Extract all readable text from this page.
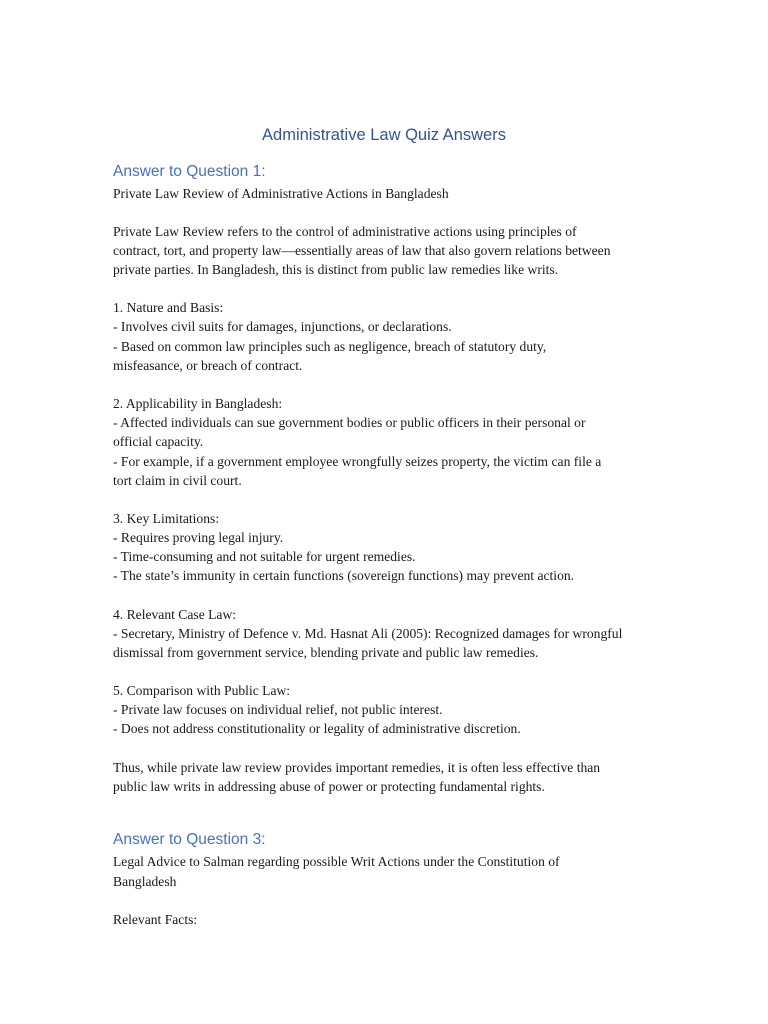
Administrative Law Quiz Answers
Answer to Question 1:
Private Law Review of Administrative Actions in Bangladesh
Private Law Review refers to the control of administrative actions using principles of
contract, tort, and property law—essentially areas of law that also govern relations between
private parties. In Bangladesh, this is distinct from public law remedies like writs.
1. Nature and Basis:
- Involves civil suits for damages, injunctions, or declarations.
- Based on common law principles such as negligence, breach of statutory duty,
misfeasance, or breach of contract.
2. Applicability in Bangladesh:
- Affected individuals can sue government bodies or public officers in their personal or
official capacity.
- For example, if a government employee wrongfully seizes property, the victim can file a
tort claim in civil court.
3. Key Limitations:
- Requires proving legal injury.
- Time-consuming and not suitable for urgent remedies.
- The state’s immunity in certain functions (sovereign functions) may prevent action.
4. Relevant Case Law:
- Secretary, Ministry of Defence v. Md. Hasnat Ali (2005): Recognized damages for wrongful
dismissal from government service, blending private and public law remedies.
5. Comparison with Public Law:
- Private law focuses on individual relief, not public interest.
- Does not address constitutionality or legality of administrative discretion.
Thus, while private law review provides important remedies, it is often less effective than
public law writs in addressing abuse of power or protecting fundamental rights.
Answer to Question 3:
Legal Advice to Salman regarding possible Writ Actions under the Constitution of
Bangladesh
Relevant Facts:
